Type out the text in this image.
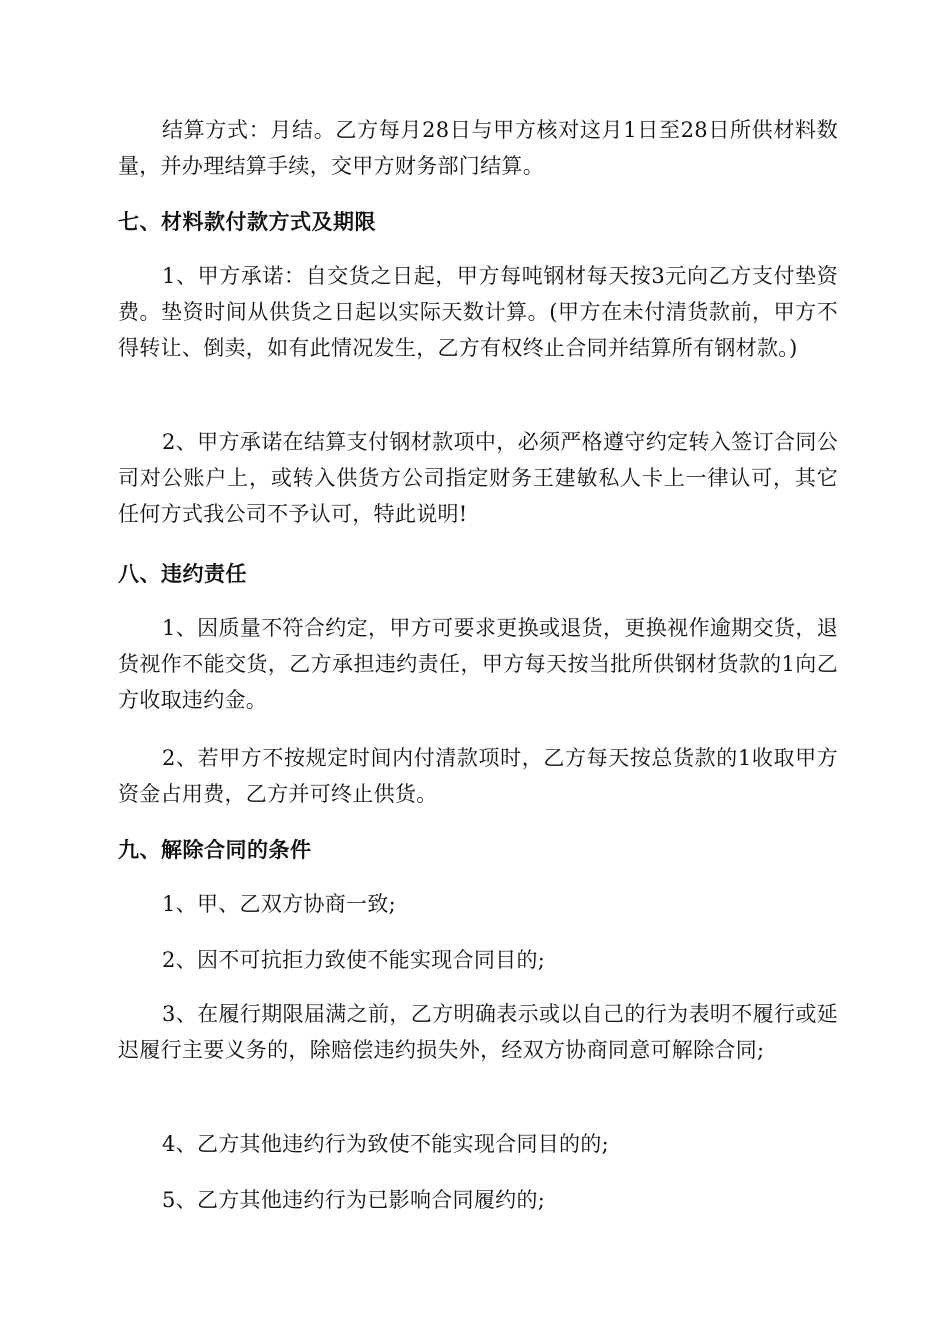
结算方式：月结。乙方每月28日与甲方核对这月1日至28日所供材料数量，并办理结算手续，交甲方财务部门结算。

七、材料款付款方式及期限

1、甲方承诺：自交货之日起，甲方每吨钢材每天按3元向乙方支付垫资费。垫资时间从供货之日起以实际天数计算。(甲方在未付清货款前，甲方不得转让、倒卖，如有此情况发生，乙方有权终止合同并结算所有钢材款。)

2、甲方承诺在结算支付钢材款项中，必须严格遵守约定转入签订合同公司对公账户上，或转入供货方公司指定财务王建敏私人卡上一律认可，其它任何方式我公司不予认可，特此说明!

八、违约责任

1、因质量不符合约定，甲方可要求更换或退货，更换视作逾期交货，退货视作不能交货，乙方承担违约责任，甲方每天按当批所供钢材货款的1向乙方收取违约金。

2、若甲方不按规定时间内付清款项时，乙方每天按总货款的1收取甲方资金占用费，乙方并可终止供货。

九、解除合同的条件

1、甲、乙双方协商一致;

2、因不可抗拒力致使不能实现合同目的;

3、在履行期限届满之前，乙方明确表示或以自己的行为表明不履行或延迟履行主要义务的，除赔偿违约损失外，经双方协商同意可解除合同;

4、乙方其他违约行为致使不能实现合同目的的;

5、乙方其他违约行为已影响合同履约的;
